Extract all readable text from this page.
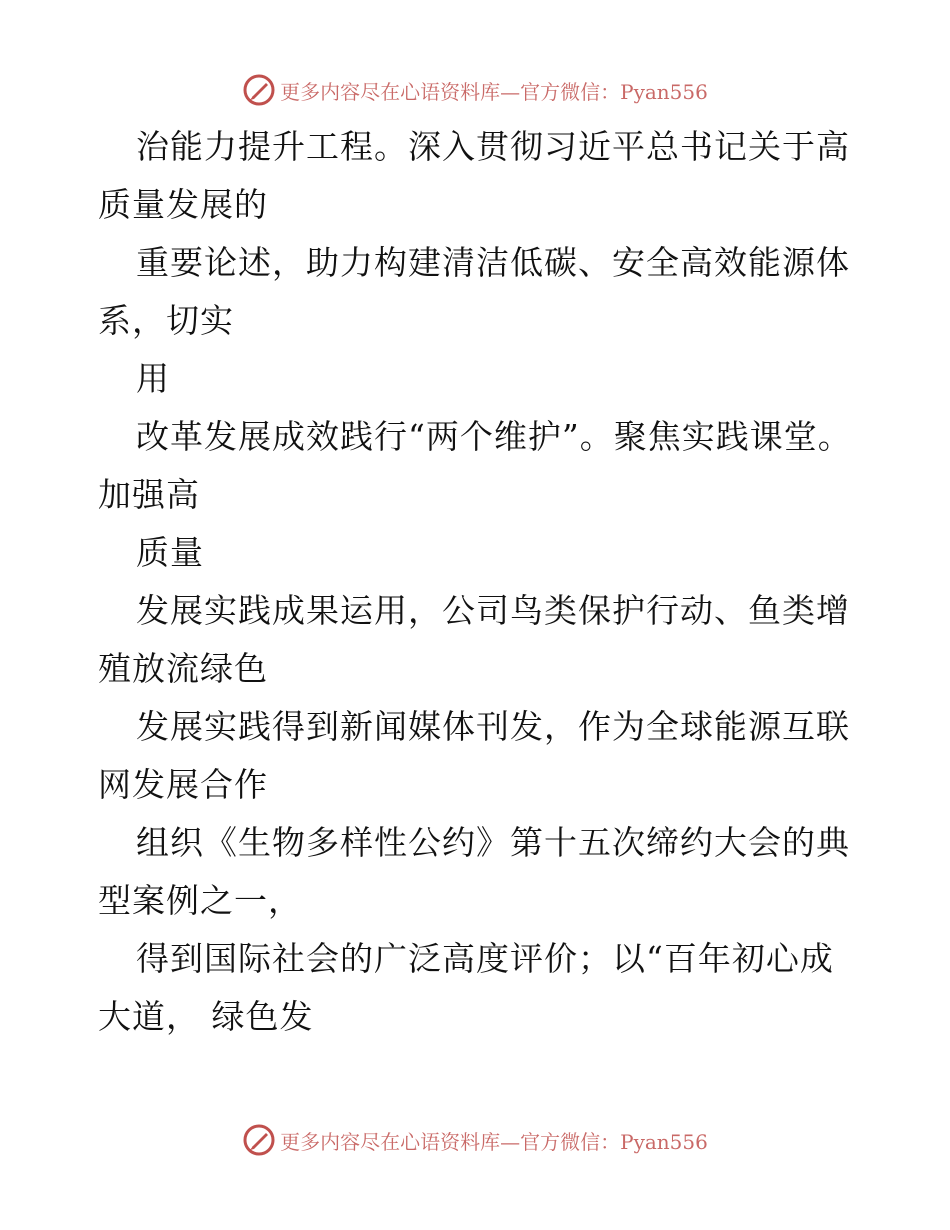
更多内容尽在心语资料库—官方微信：Pyan556

治能力提升工程。深入贯彻习近平总书记关于高质量发展的

重要论述，助力构建清洁低碳、安全高效能源体系，切实

用

改革发展成效践行“两个维护”。聚焦实践课堂。加强高

质量

发展实践成果运用，公司鸟类保护行动、鱼类增殖放流绿色

发展实践得到新闻媒体刊发，作为全球能源互联网发展合作

组织《生物多样性公约》第十五次缔约大会的典型案例之一，

得到国际社会的广泛高度评价；以“百年初心成大道， 绿色发

更多内容尽在心语资料库—官方微信：Pyan556
